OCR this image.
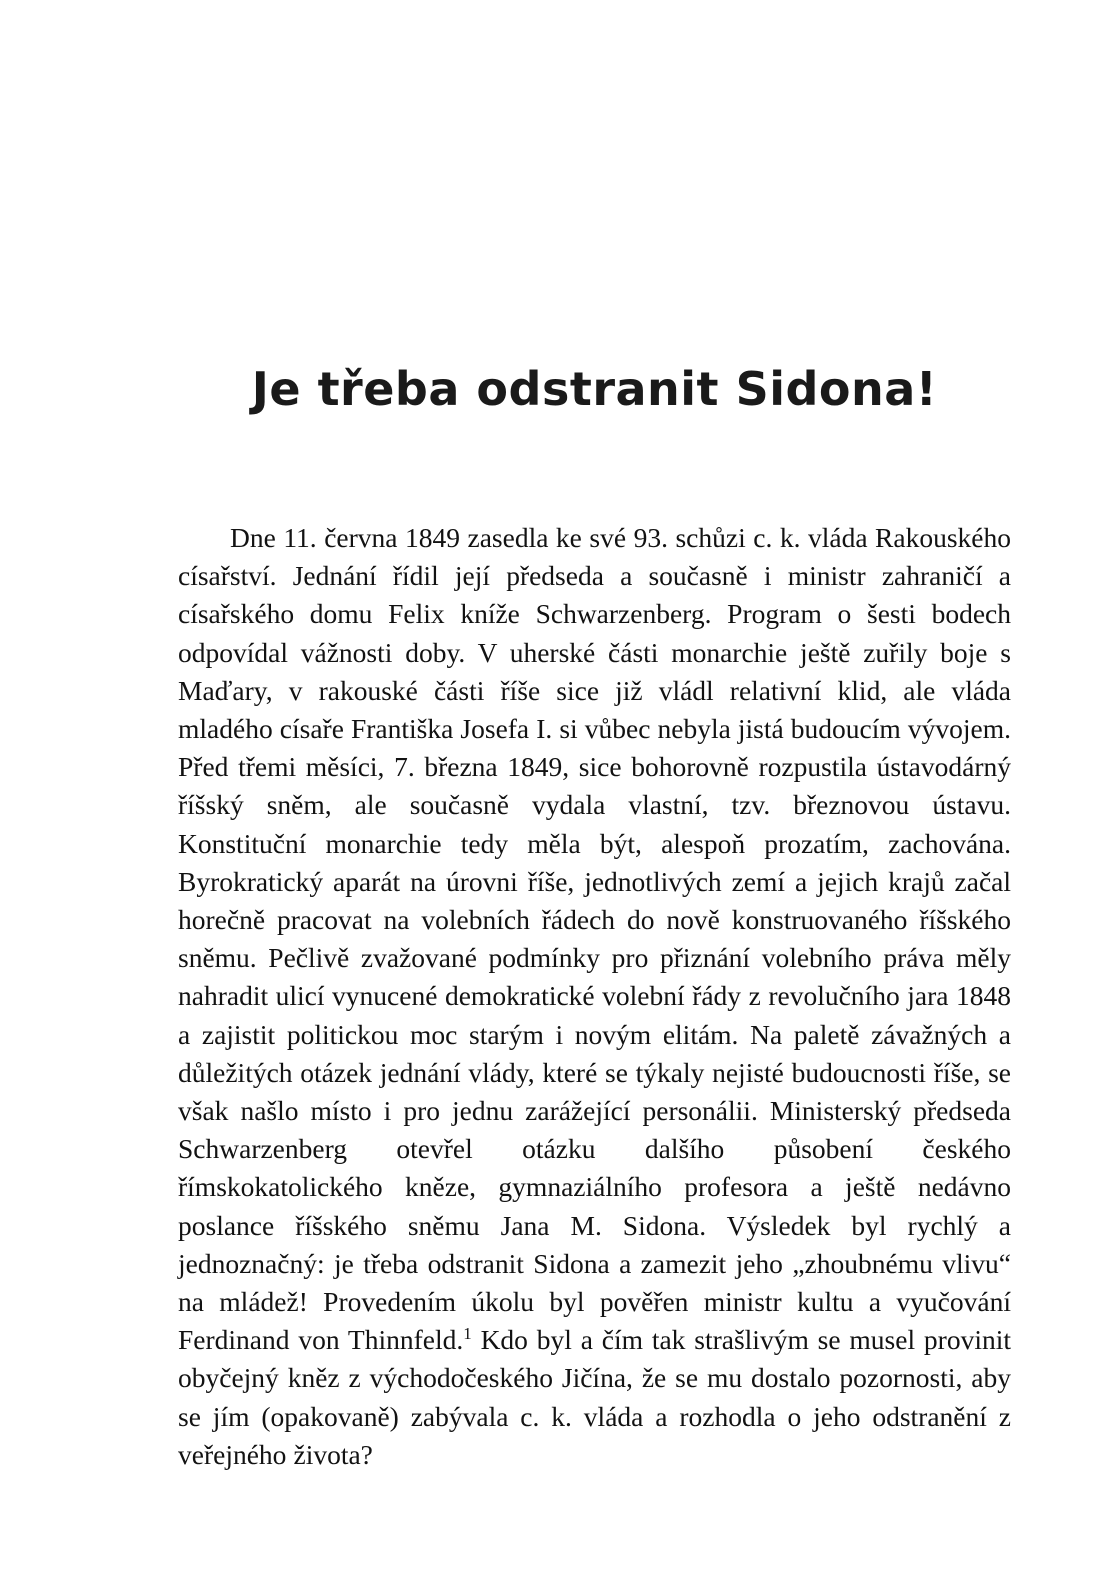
Je třeba odstranit Sidona!

Dne 11. června 1849 zasedla ke své 93. schůzi c. k. vláda Rakouského císařství. Jednání řídil její předseda a současně i ministr zahraničí a císařského domu Felix kníže Schwarzenberg. Program o šesti bodech odpovídal vážnosti doby. V uherské části monarchie ještě zuřily boje s Maďary, v rakouské části říše sice již vládl relativní klid, ale vláda mladého císaře Františka Josefa I. si vůbec nebyla jistá budoucím vývojem. Před třemi měsíci, 7. března 1849, sice bohorovně rozpustila ústavodárný říšský sněm, ale současně vydala vlastní, tzv. březnovou ústavu. Konstituční monarchie tedy měla být, alespoň prozatím, zachována. Byrokratický aparát na úrovni říše, jednotlivých zemí a jejich krajů začal horečně pracovat na volebních řádech do nově konstruovaného říšského sněmu. Pečlivě zvažované podmínky pro přiznání volebního práva měly nahradit ulicí vynucené demokratické volební řády z revolučního jara 1848 a zajistit politickou moc starým i novým elitám. Na paletě závažných a důležitých otázek jednání vlády, které se týkaly nejisté budoucnosti říše, se však našlo místo i pro jednu zarážející personálii. Ministerský předseda Schwarzenberg otevřel otázku dalšího působení českého římskokatolického kněze, gymnaziálního profesora a ještě nedávno poslance říšského sněmu Jana M. Sidona. Výsledek byl rychlý a jednoznačný: je třeba odstranit Sidona a zamezit jeho „zhoubnému vlivu“ na mládež! Provedením úkolu byl pověřen ministr kultu a vyučování Ferdinand von Thinnfeld.$^1$ Kdo byl a čím tak strašlivým se musel provinit obyčejný kněz z východočeského Jičína, že se mu dostalo pozornosti, aby se jím (opakovaně) zabývala c. k. vláda a rozhodla o jeho odstranění z veřejného života?
